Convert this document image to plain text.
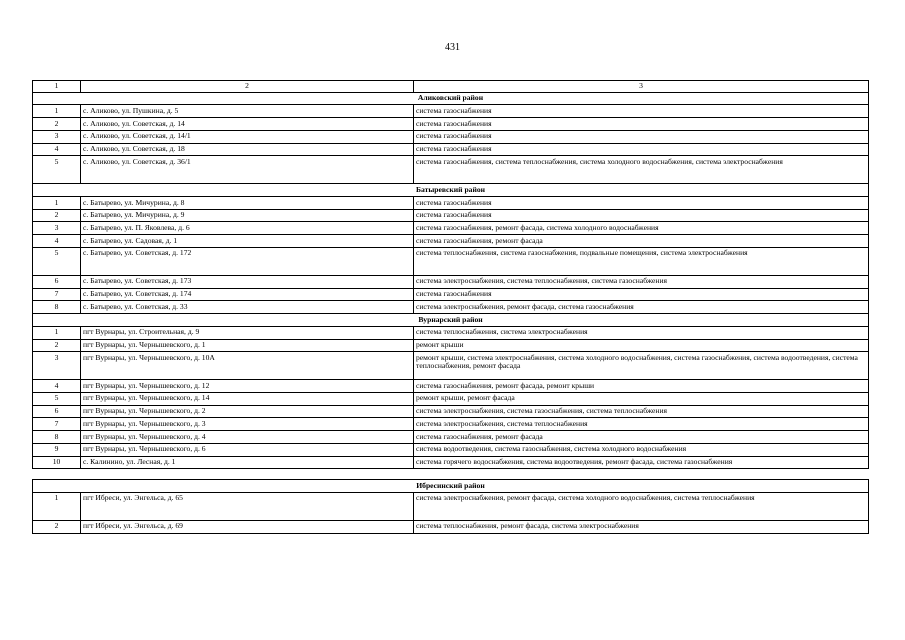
431
1	2	3
Аликовский район		
1	с. Аликово, ул. Пушкина, д. 5	система газоснабжения
2	с. Аликово, ул. Советская, д. 14	система газоснабжения
3	с. Аликово, ул. Советская, д. 14/1	система газоснабжения
4	с. Аликово, ул. Советская, д. 18	система газоснабжения
5	с. Аликово, ул. Советская, д. 36/1	система газоснабжения, система теплоснабжения, система холодного водоснабжения, система электроснабжения
Батыревский район		
1	с. Батырево, ул. Мичурина, д. 8	система газоснабжения
2	с. Батырево, ул. Мичурина, д. 9	система газоснабжения
3	с. Батырево, ул. П. Яковлева, д. 6	система газоснабжения, ремонт фасада, система холодного водоснабжения
4	с. Батырево, ул. Садовая, д. 1	система газоснабжения, ремонт фасада
5	с. Батырево, ул. Советская, д. 172	система теплоснабжения, система газоснабжения, подвальные помещения, система электроснабжения
6	с. Батырево, ул. Советская, д. 173	система электроснабжения, система теплоснабжения, система газоснабжения
7	с. Батырево, ул. Советская, д. 174	система газоснабжения
8	с. Батырево, ул. Советская, д. 33	система электроснабжения, ремонт фасада, система газоснабжения
Вурнарский район		
1	пгт Вурнары, ул. Строительная, д. 9	система теплоснабжения, система электроснабжения
2	пгт Вурнары, ул. Чернышевского, д. 1	ремонт крыши
3	пгт Вурнары, ул. Чернышевского, д. 10А	ремонт крыши, система электроснабжения, система холодного водоснабжения, система газоснабжения, система водоотведения, система теплоснабжения, ремонт фасада
4	пгт Вурнары, ул. Чернышевского, д. 12	система газоснабжения, ремонт фасада, ремонт крыши
5	пгт Вурнары, ул. Чернышевского, д. 14	ремонт крыши, ремонт фасада
6	пгт Вурнары, ул. Чернышевского, д. 2	система электроснабжения, система газоснабжения, система теплоснабжения
7	пгт Вурнары, ул. Чернышевского, д. 3	система электроснабжения, система теплоснабжения
8	пгт Вурнары, ул. Чернышевского, д. 4	система газоснабжения, ремонт фасада
9	пгт Вурнары, ул. Чернышевского, д. 6	система водоотведения, система газоснабжения, система холодного водоснабжения
10	с. Калинино, ул. Лесная, д. 1	система горячего водоснабжения, система водоотведения, ремонт фасада, система газоснабжения

Ибресинский район		
1	пгт Ибреси, ул. Энгельса, д. 65	система электроснабжения, ремонт фасада, система холодного водоснабжения, система теплоснабжения
2	пгт Ибреси, ул. Энгельса, д. 69	система теплоснабжения, ремонт фасада, система электроснабжения
